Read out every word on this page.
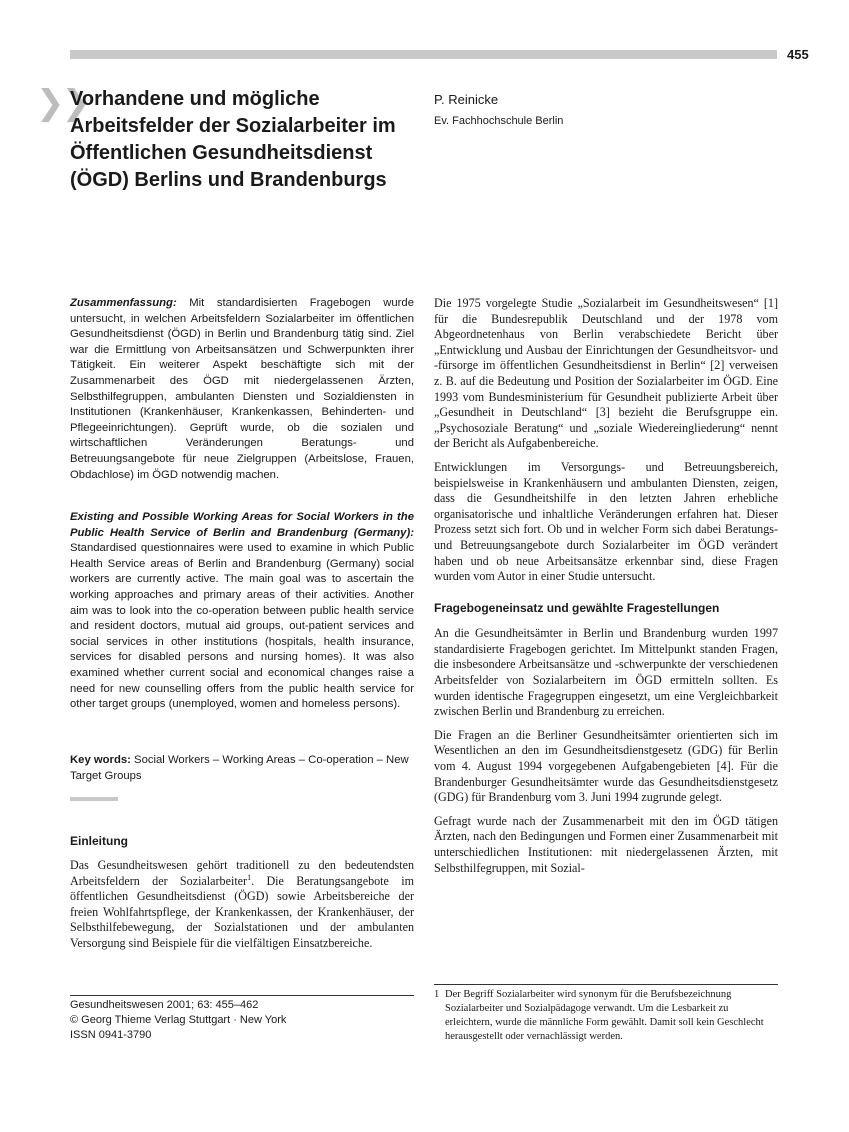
455
❯❯
Vorhandene und mögliche Arbeitsfelder der Sozialarbeiter im Öffentlichen Gesundheitsdienst (ÖGD) Berlins und Brandenburgs
P. Reinicke
Ev. Fachhochschule Berlin

Zusammenfassung: Mit standardisierten Fragebogen wurde untersucht, in welchen Arbeitsfeldern Sozialarbeiter im öffentlichen Gesundheitsdienst (ÖGD) in Berlin und Brandenburg tätig sind. Ziel war die Ermittlung von Arbeitsansätzen und Schwerpunkten ihrer Tätigkeit. Ein weiterer Aspekt beschäftigte sich mit der Zusammenarbeit des ÖGD mit niedergelassenen Ärzten, Selbsthilfegruppen, ambulanten Diensten und Sozialdiensten in Institutionen (Krankenhäuser, Krankenkassen, Behinderten- und Pflegeeinrichtungen). Geprüft wurde, ob die sozialen und wirtschaftlichen Veränderungen Beratungs- und Betreuungsangebote für neue Zielgruppen (Arbeitslose, Frauen, Obdachlose) im ÖGD notwendig machen.

Existing and Possible Working Areas for Social Workers in the Public Health Service of Berlin and Brandenburg (Germany): Standardised questionnaires were used to examine in which Public Health Service areas of Berlin and Brandenburg (Germany) social workers are currently active. The main goal was to ascertain the working approaches and primary areas of their activities. Another aim was to look into the co-operation between public health service and resident doctors, mutual aid groups, out-patient services and social services in other institutions (hospitals, health insurance, services for disabled persons and nursing homes). It was also examined whether current social and economical changes raise a need for new counselling offers from the public health service for other target groups (unemployed, women and homeless persons).

Key words: Social Workers – Working Areas – Co-operation – New Target Groups

Einleitung

Das Gesundheitswesen gehört traditionell zu den bedeutendsten Arbeitsfeldern der Sozialarbeiter$^1$. Die Beratungsangebote im öffentlichen Gesundheitsdienst (ÖGD) sowie Arbeitsbereiche der freien Wohlfahrtspflege, der Krankenkassen, der Krankenhäuser, der Selbsthilfebewegung, der Sozialstationen und der ambulanten Versorgung sind Beispiele für die vielfältigen Einsatzbereiche.

Gesundheitswesen 2001; 63: 455–462
© Georg Thieme Verlag Stuttgart · New York
ISSN 0941-3790

Die 1975 vorgelegte Studie „Sozialarbeit im Gesundheitswesen“ [1] für die Bundesrepublik Deutschland und der 1978 vom Abgeordnetenhaus von Berlin verabschiedete Bericht über „Entwicklung und Ausbau der Einrichtungen der Gesundheitsvor- und -fürsorge im öffentlichen Gesundheitsdienst in Berlin“ [2] verweisen z. B. auf die Bedeutung und Position der Sozialarbeiter im ÖGD. Eine 1993 vom Bundesministerium für Gesundheit publizierte Arbeit über „Gesundheit in Deutschland“ [3] bezieht die Berufsgruppe ein. „Psychosoziale Beratung“ und „soziale Wiedereingliederung“ nennt der Bericht als Aufgabenbereiche.

Entwicklungen im Versorgungs- und Betreuungsbereich, beispielsweise in Krankenhäusern und ambulanten Diensten, zeigen, dass die Gesundheitshilfe in den letzten Jahren erhebliche organisatorische und inhaltliche Veränderungen erfahren hat. Dieser Prozess setzt sich fort. Ob und in welcher Form sich dabei Beratungs- und Betreuungsangebote durch Sozialarbeiter im ÖGD verändert haben und ob neue Arbeitsansätze erkennbar sind, diese Fragen wurden vom Autor in einer Studie untersucht.

Fragebogeneinsatz und gewählte Fragestellungen

An die Gesundheitsämter in Berlin und Brandenburg wurden 1997 standardisierte Fragebogen gerichtet. Im Mittelpunkt standen Fragen, die insbesondere Arbeitsansätze und -schwerpunkte der verschiedenen Arbeitsfelder von Sozialarbeitern im ÖGD ermitteln sollten. Es wurden identische Fragegruppen eingesetzt, um eine Vergleichbarkeit zwischen Berlin und Brandenburg zu erreichen.

Die Fragen an die Berliner Gesundheitsämter orientierten sich im Wesentlichen an den im Gesundheitsdienstgesetz (GDG) für Berlin vom 4. August 1994 vorgegebenen Aufgabengebieten [4]. Für die Brandenburger Gesundheitsämter wurde das Gesundheitsdienstgesetz (GDG) für Brandenburg vom 3. Juni 1994 zugrunde gelegt.

Gefragt wurde nach der Zusammenarbeit mit den im ÖGD tätigen Ärzten, nach den Bedingungen und Formen einer Zusammenarbeit mit unterschiedlichen Institutionen: mit niedergelassenen Ärzten, mit Selbsthilfegruppen, mit Sozial-

1 Der Begriff Sozialarbeiter wird synonym für die Berufsbezeichnung Sozialarbeiter und Sozialpädagoge verwandt. Um die Lesbarkeit zu erleichtern, wurde die männliche Form gewählt. Damit soll kein Geschlecht herausgestellt oder vernachlässigt werden.
